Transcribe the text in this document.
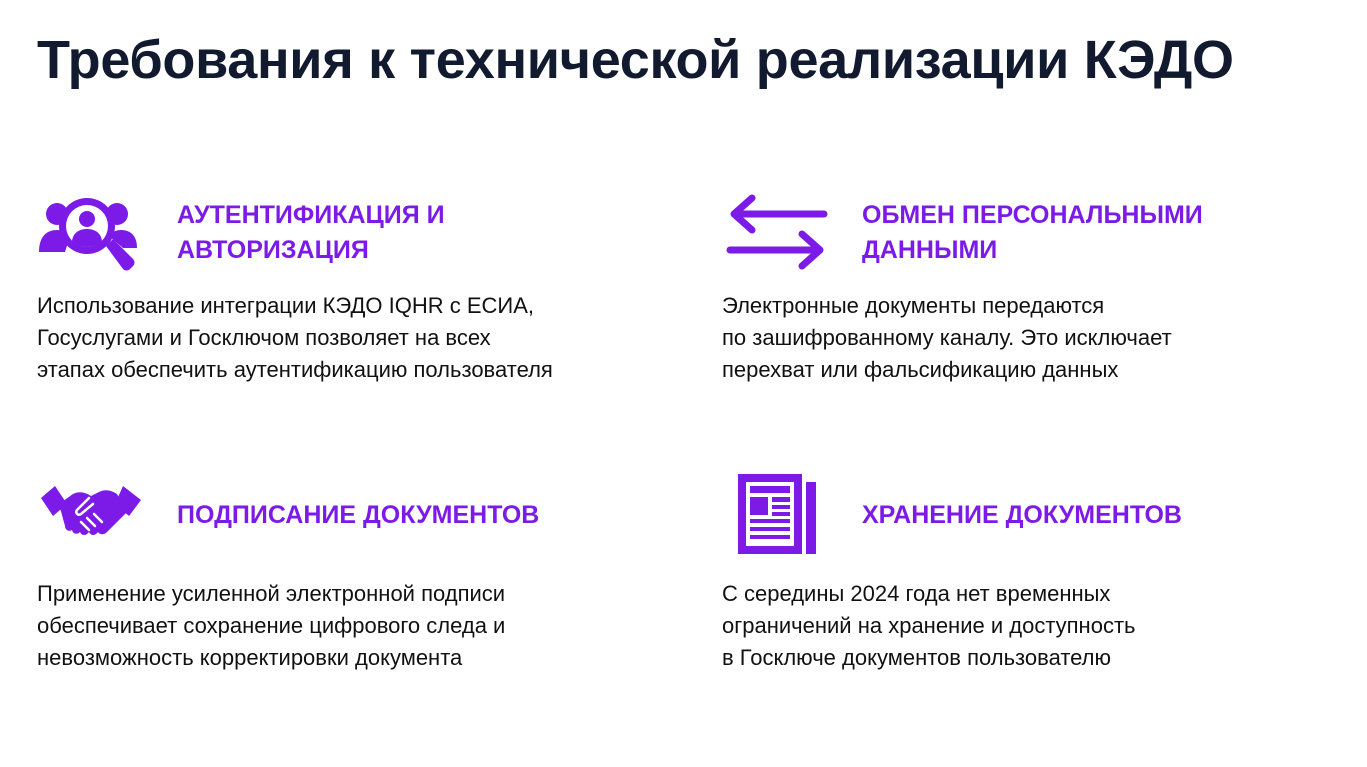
Требования к технической реализации КЭДО
АУТЕНТИФИКАЦИЯ И
АВТОРИЗАЦИЯ

Использование интеграции КЭДО IQHR с ЕСИА,
Госуслугами и Госключом позволяет на всех
этапах обеспечить аутентификацию пользователя

ОБМЕН ПЕРСОНАЛЬНЫМИ
ДАННЫМИ

Электронные документы передаются
по зашифрованному каналу. Это исключает
перехват или фальсификацию данных

ПОДПИСАНИЕ ДОКУМЕНТОВ

Применение усиленной электронной подписи
обеспечивает сохранение цифрового следа и
невозможность корректировки документа

ХРАНЕНИЕ ДОКУМЕНТОВ

С середины 2024 года нет временных
ограничений на хранение и доступность
в Госключе документов пользователю
